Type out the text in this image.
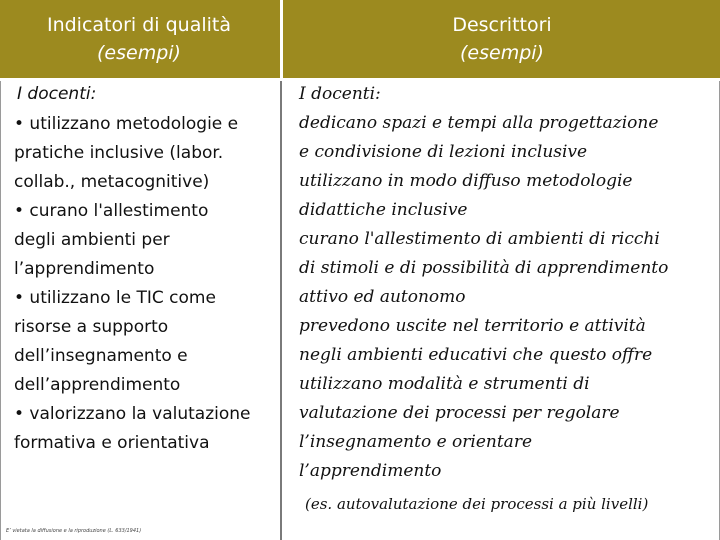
Indicatori di qualità
(esempi)
Descrittori
(esempi)
I docenti:
• utilizzano metodologie e
pratiche inclusive (labor.
collab., metacognitive)
• curano l'allestimento
degli ambienti per
l’apprendimento
• utilizzano le TIC come
risorse a supporto
dell’insegnamento e
dell’apprendimento
• valorizzano la valutazione
formativa e orientativa
I docenti:
dedicano spazi e tempi alla progettazione
e condivisione di lezioni inclusive
utilizzano in modo diffuso metodologie
didattiche inclusive
curano l'allestimento di ambienti di ricchi
di stimoli e di possibilità di apprendimento
attivo ed autonomo
prevedono uscite nel territorio e attività
negli ambienti educativi che questo offre
utilizzano modalità e strumenti di
valutazione dei processi per regolare
l’insegnamento e orientare
l’apprendimento
(es. autovalutazione dei processi a più livelli)
E’ vietata la diffusione e la riproduzione (L. 633/1941)
